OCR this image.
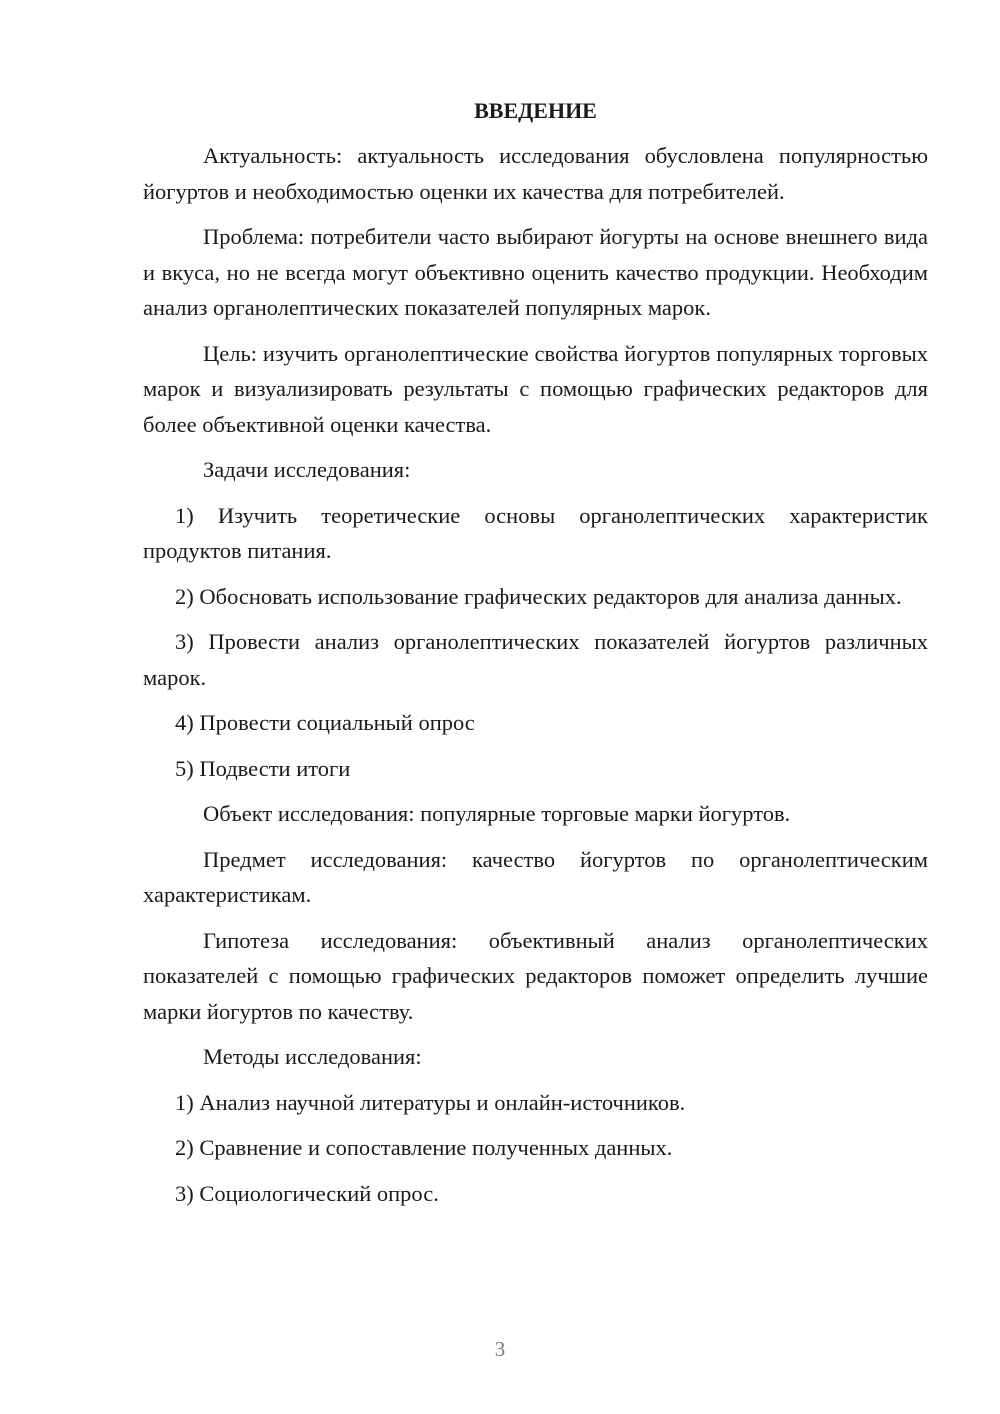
ВВЕДЕНИЕ

Актуальность: актуальность исследования обусловлена популярностью йогуртов и необходимостью оценки их качества для потребителей.

Проблема: потребители часто выбирают йогурты на основе внешнего вида и вкуса, но не всегда могут объективно оценить качество продукции. Необходим анализ органолептических показателей популярных марок.

Цель: изучить органолептические свойства йогуртов популярных торговых марок и визуализировать результаты с помощью графических редакторов для более объективной оценки качества.

Задачи исследования:

1) Изучить теоретические основы органолептических характеристик продуктов питания.

2) Обосновать использование графических редакторов для анализа данных.

3) Провести анализ органолептических показателей йогуртов различных марок.

4) Провести социальный опрос

5) Подвести итоги

Объект исследования: популярные торговые марки йогуртов.

Предмет исследования: качество йогуртов по органолептическим характеристикам.

Гипотеза исследования: объективный анализ органолептических показателей с помощью графических редакторов поможет определить лучшие марки йогуртов по качеству.

Методы исследования:

1) Анализ научной литературы и онлайн-источников.

2) Сравнение и сопоставление полученных данных.

3) Социологический опрос.

3
